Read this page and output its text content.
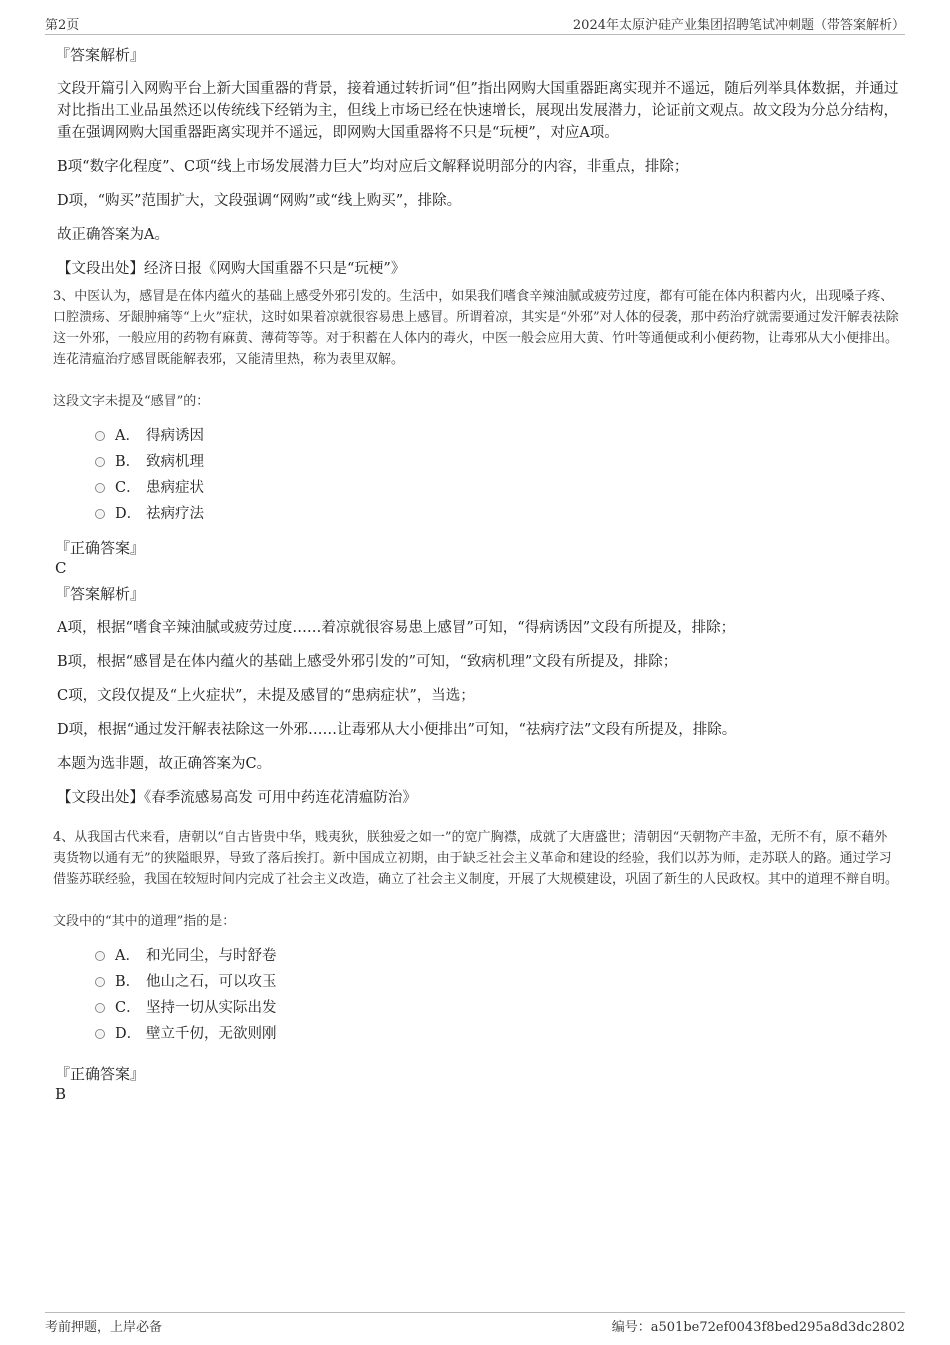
第2页	2024年太原沪硅产业集团招聘笔试冲刺题（带答案解析）

『答案解析』

文段开篇引入网购平台上新大国重器的背景，接着通过转折词“但”指出网购大国重器距离实现并不遥远，随后列举具体数据，并通过对比指出工业品虽然还以传统线下经销为主，但线上市场已经在快速增长，展现出发展潜力，论证前文观点。故文段为分总分结构，重在强调网购大国重器距离实现并不遥远，即网购大国重器将不只是“玩梗”，对应A项。

B项“数字化程度”、C项“线上市场发展潜力巨大”均对应后文解释说明部分的内容，非重点，排除；

D项，“购买”范围扩大，文段强调“网购”或“线上购买”，排除。

故正确答案为A。

【文段出处】经济日报《网购大国重器不只是“玩梗”》

3、中医认为，感冒是在体内蕴火的基础上感受外邪引发的。生活中，如果我们嗜食辛辣油腻或疲劳过度，都有可能在体内积蓄内火，出现嗓子疼、口腔溃疡、牙龈肿痛等“上火”症状，这时如果着凉就很容易患上感冒。所谓着凉，其实是“外邪”对人体的侵袭，那中药治疗就需要通过发汗解表祛除这一外邪，一般应用的药物有麻黄、薄荷等等。对于积蓄在人体内的毒火，中医一般会应用大黄、竹叶等通便或利小便药物，让毒邪从大小便排出。连花清瘟治疗感冒既能解表邪，又能清里热，称为表里双解。

这段文字未提及“感冒”的：

A． 得病诱因
B． 致病机理
C． 患病症状
D． 祛病疗法

『正确答案』

C

『答案解析』

A项，根据“嗜食辛辣油腻或疲劳过度……着凉就很容易患上感冒”可知，“得病诱因”文段有所提及，排除；

B项，根据“感冒是在体内蕴火的基础上感受外邪引发的”可知，“致病机理”文段有所提及，排除；

C项，文段仅提及“上火症状”，未提及感冒的“患病症状”，当选；

D项，根据“通过发汗解表祛除这一外邪……让毒邪从大小便排出”可知，“祛病疗法”文段有所提及，排除。

本题为选非题，故正确答案为C。

【文段出处】《春季流感易高发 可用中药连花清瘟防治》

4、从我国古代来看，唐朝以“自古皆贵中华，贱夷狄，朕独爱之如一”的宽广胸襟，成就了大唐盛世；清朝因“天朝物产丰盈，无所不有，原不藉外夷货物以通有无”的狭隘眼界，导致了落后挨打。新中国成立初期，由于缺乏社会主义革命和建设的经验，我们以苏为师，走苏联人的路。通过学习借鉴苏联经验，我国在较短时间内完成了社会主义改造，确立了社会主义制度，开展了大规模建设，巩固了新生的人民政权。其中的道理不辩自明。

文段中的“其中的道理”指的是：

A． 和光同尘，与时舒卷
B． 他山之石，可以攻玉
C． 坚持一切从实际出发
D． 壁立千仞，无欲则刚

『正确答案』

B

考前押题，上岸必备	编号：a501be72ef0043f8bed295a8d3dc2802
